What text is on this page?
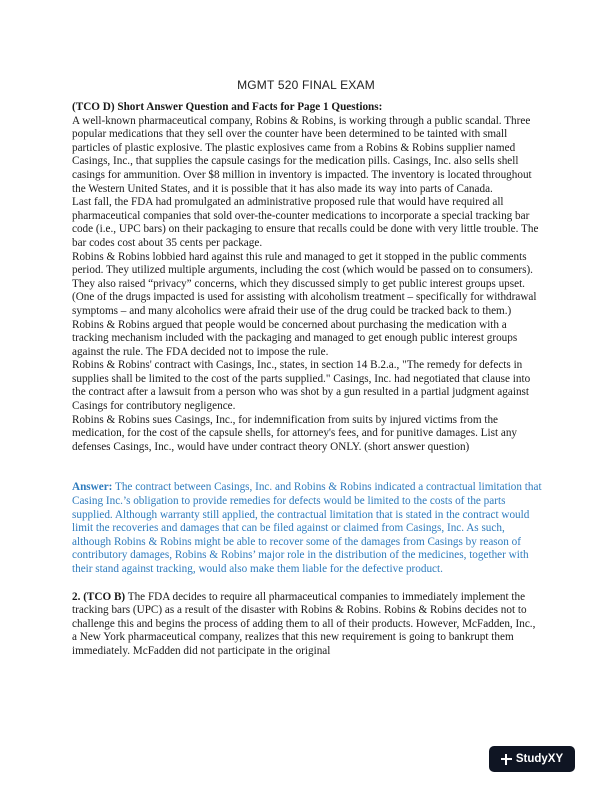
MGMT 520 FINAL EXAM

(TCO D) Short Answer Question and Facts for Page 1 Questions:

A well-known pharmaceutical company, Robins & Robins, is working through a public scandal. Three popular medications that they sell over the counter have been determined to be tainted with small particles of plastic explosive. The plastic explosives came from a Robins & Robins supplier named Casings, Inc., that supplies the capsule casings for the medication pills. Casings, Inc. also sells shell casings for ammunition. Over $8 million in inventory is impacted. The inventory is located throughout the Western United States, and it is possible that it has also made its way into parts of Canada.

Last fall, the FDA had promulgated an administrative proposed rule that would have required all pharmaceutical companies that sold over-the-counter medications to incorporate a special tracking bar code (i.e., UPC bars) on their packaging to ensure that recalls could be done with very little trouble. The bar codes cost about 35 cents per package.

Robins & Robins lobbied hard against this rule and managed to get it stopped in the public comments period. They utilized multiple arguments, including the cost (which would be passed on to consumers). They also raised “privacy” concerns, which they discussed simply to get public interest groups upset. (One of the drugs impacted is used for assisting with alcoholism treatment – specifically for withdrawal symptoms – and many alcoholics were afraid their use of the drug could be tracked back to them.) Robins & Robins argued that people would be concerned about purchasing the medication with a tracking mechanism included with the packaging and managed to get enough public interest groups against the rule. The FDA decided not to impose the rule.

Robins & Robins' contract with Casings, Inc., states, in section 14 B.2.a., "The remedy for defects in supplies shall be limited to the cost of the parts supplied." Casings, Inc. had negotiated that clause into the contract after a lawsuit from a person who was shot by a gun resulted in a partial judgment against Casings for contributory negligence.

Robins & Robins sues Casings, Inc., for indemnification from suits by injured victims from the medication, for the cost of the capsule shells, for attorney's fees, and for punitive damages. List any defenses Casings, Inc., would have under contract theory ONLY. (short answer question)

Answer: The contract between Casings, Inc. and Robins & Robins indicated a contractual limitation that Casing Inc.’s obligation to provide remedies for defects would be limited to the costs of the parts supplied. Although warranty still applied, the contractual limitation that is stated in the contract would limit the recoveries and damages that can be filed against or claimed from Casings, Inc. As such, although Robins & Robins might be able to recover some of the damages from Casings by reason of contributory damages, Robins & Robins’ major role in the distribution of the medicines, together with their stand against tracking, would also make them liable for the defective product.

2. (TCO B) The FDA decides to require all pharmaceutical companies to immediately implement the tracking bars (UPC) as a result of the disaster with Robins & Robins. Robins & Robins decides not to challenge this and begins the process of adding them to all of their products. However, McFadden, Inc., a New York pharmaceutical company, realizes that this new requirement is going to bankrupt them immediately. McFadden did not participate in the original

StudyXY
